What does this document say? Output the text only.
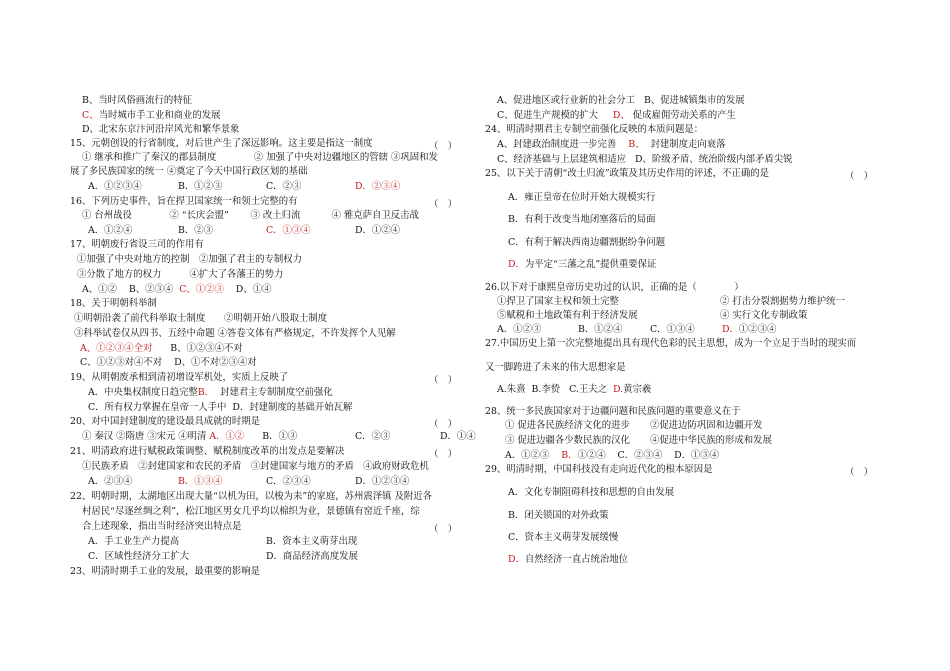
B、当时风俗画流行的特征
C、当时城市手工业和商业的发展
D、北宋东京汴河沿岸风光和繁华景象
15、元朝创设的行省制度，对后世产生了深远影响。这主要是指这一制度	（　）
① 继承和推广了秦汉的郡县制度　　　　② 加强了中央对边疆地区的管辖 ③巩固和发
展了多民族国家的统一 ④奠定了今天中国行政区划的基础
A．①②③④	B．①②③	C．②③	D．②③④
16、下列历史事件，旨在捍卫国家统一和领土完整的有	（　）
① 台州战役　　　　② “长庆会盟”　　 ③ 改土归流　　　 ④ 雅克萨自卫反击战
A．①②④	B．②③	C．①③④	D．①②④
17、明朝废行省设三司的作用有
①加强了中央对地方的控制　②加强了君主的专制权力
③分散了地方的权力　　　④扩大了各藩王的势力
A、①② B、②③④ C、①②③ D、①④
18、关于明朝科举制
①明朝沿袭了前代科举取士制度　　②明朝开始八股取士制度
③科举试卷仅从四书、五经中命题 ④答卷文体有严格规定，不许发挥个人见解
A、①②③④全对 B、①②③④不对
C、①②③对④不对 D、①不对②③④对
19、从明朝废承相到清初增设军机处，实质上反映了	（　）
A．中央集权制度日趋完整B． 封建君主专制制度空前强化
C．所有权力掌握在皇帝一人手中 D．封建制度的基础开始瓦解
20、对中国封建制度的建设最具成就的时期是	（　）
① 秦汉 ②隋唐 ③宋元 ④明清 A．①② B．①③	C．②③	D．①④
21、明清政府进行赋税政策调整、赋税制度改革的出发点是要解决	（　）
①民族矛盾　②封建国家和农民的矛盾　③封建国家与地方的矛盾　④政府财政危机
A．②③④	B．①③④	C．②③④	D．①②③④
22、明朝时期，太湖地区出现大量“以机为田，以梭为耒”的家庭，苏州震泽镇 及附近各
村居民“尽逐丝绸之利”，松江地区男女几乎均以棉织为业，景德镇有窑近千座，综
合上述现象，指出当时经济突出特点是	（　）
A．手工业生产力提高	B．资本主义萌芽出现
C．区域性经济分工扩大	D．商品经济高度发展
23、明清时期手工业的发展，最重要的影响是
A、促进地区或行业新的社会分工 B、促进城镇集市的发展
C、促进生产规模的扩大 D、 促成雇佣劳动关系的产生
24、明清时期君主专制空前强化反映的本质问题是：
A、封建政治制度进一步完善 B、 封建制度走向衰落
C、经济基础与上层建筑相适应 D、阶级矛盾、统治阶级内部矛盾尖锐
25、以下关于清朝“改土归流”政策及其历史作用的评述，不正确的是	（　）
A．雍正皇帝在位时开始大规模实行
B．有利于改变当地闭塞落后的局面
C．有利于解决西南边疆割据纷争问题
D．为平定“三藩之乱”提供重要保证
26.以下对于康熙皇帝历史功过的认识，正确的是（　　　　）
①捍卫了国家主权和领土完整	② 打击分裂割据势力维护统一
⑤赋税和土地政策有利于经济发展	④ 实行文化专制政策
A．①②③	B．①②④	C．①③④	D．①②③④
27.中国历史上第一次完整地提出具有现代色彩的民主思想，成为一个立足于当时的现实而
又一脚跨进了未来的伟大思想家是
A.朱熹 B.李贽 C.王夫之 D.黄宗羲
28、统一多民族国家对于边疆问题和民族问题的重要意义在于
① 促进各民族经济文化的进步 ②促进边防巩固和边疆开发
③ 促进边疆各少数民族的汉化 ④促进中华民族的形成和发展
A．①②③ B．①②④ C．②③④ D．①③④
29、明清时期，中国科技没有走向近代化的根本原因是	（　）
A．文化专制阻碍科技和思想的自由发展
B．闭关锁国的对外政策
C．资本主义萌芽发展缓慢
D．自然经济一直占统治地位
